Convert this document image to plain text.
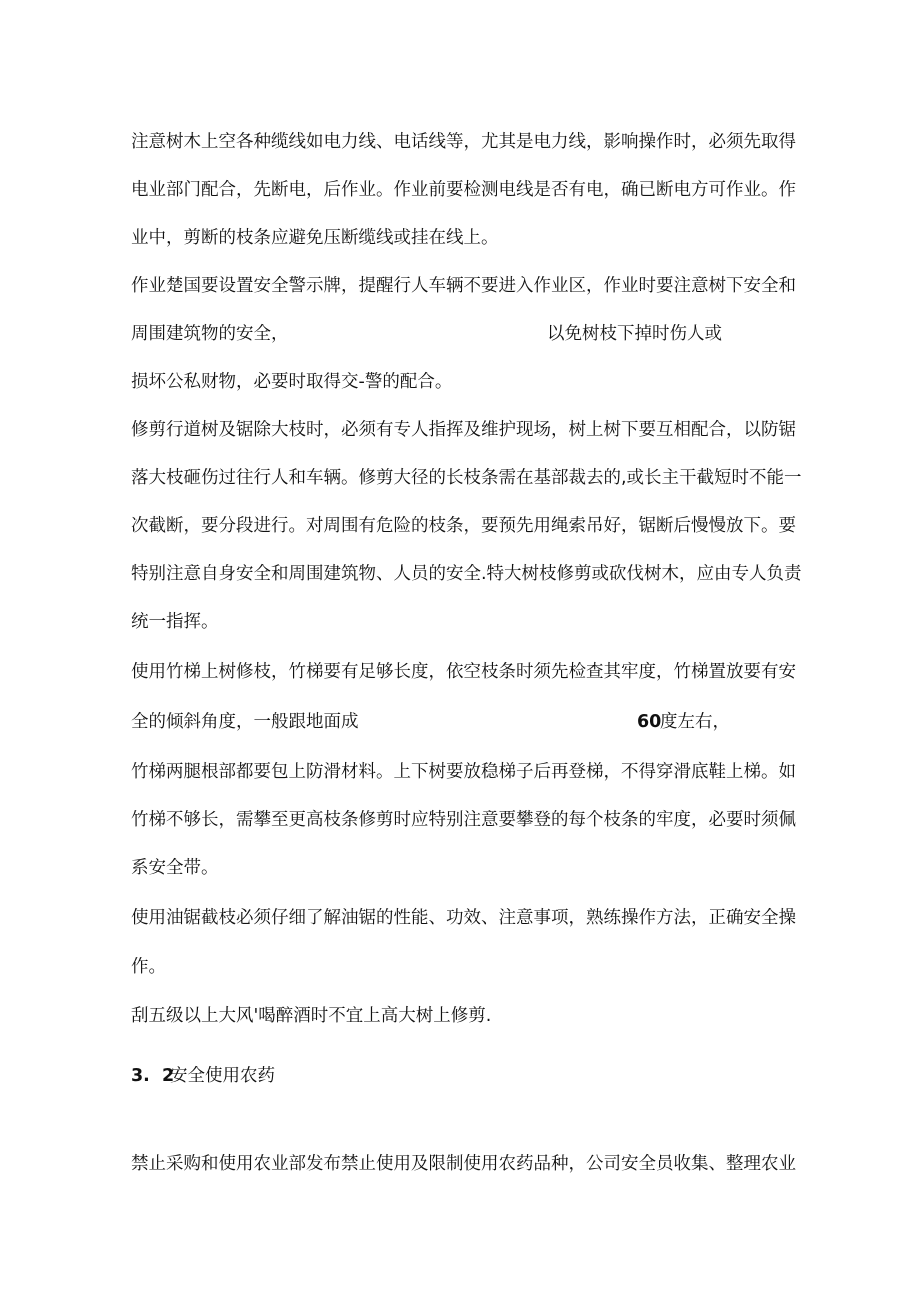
注意树木上空各种缆线如电力线、电话线等，尤其是电力线，影响操作时，必须先取得

电业部门配合，先断电，后作业。作业前要检测电线是否有电，确已断电方可作业。作

业中，剪断的枝条应避免压断缆线或挂在线上。

作业楚国要设置安全警示牌，提醒行人车辆不要进入作业区，作业时要注意树下安全和

周围建筑物的安全，	以免树枝下掉时伤人或

损坏公私财物，必要时取得交-警的配合。

修剪行道树及锯除大枝时，必须有专人指挥及维护现场，树上树下要互相配合，以防锯

落大枝砸伤过往行人和车辆。修剪大径的长枝条需在基部裁去的,或长主干截短时不能一

次截断，要分段进行。对周围有危险的枝条，要预先用绳索吊好，锯断后慢慢放下。要

特别注意自身安全和周围建筑物、人员的安全.特大树枝修剪或砍伐树木，应由专人负责

统一指挥。

使用竹梯上树修枝，竹梯要有足够长度，依空枝条时须先检查其牢度，竹梯置放要有安

全的倾斜角度，一般跟地面成	60

度左右，

竹梯两腿根部都要包上防滑材料。上下树要放稳梯子后再登梯，不得穿滑底鞋上梯。如

竹梯不够长，需攀至更高枝条修剪时应特别注意要攀登的每个枝条的牢度，必要时须佩

系安全带。

使用油锯截枝必须仔细了解油锯的性能、功效、注意事项，熟练操作方法，正确安全操

作。

刮五级以上大风'喝醉酒时不宜上高大树上修剪.

3.  2

安全使用农药

禁止采购和使用农业部发布禁止使用及限制使用农药品种，公司安全员收集、整理农业
